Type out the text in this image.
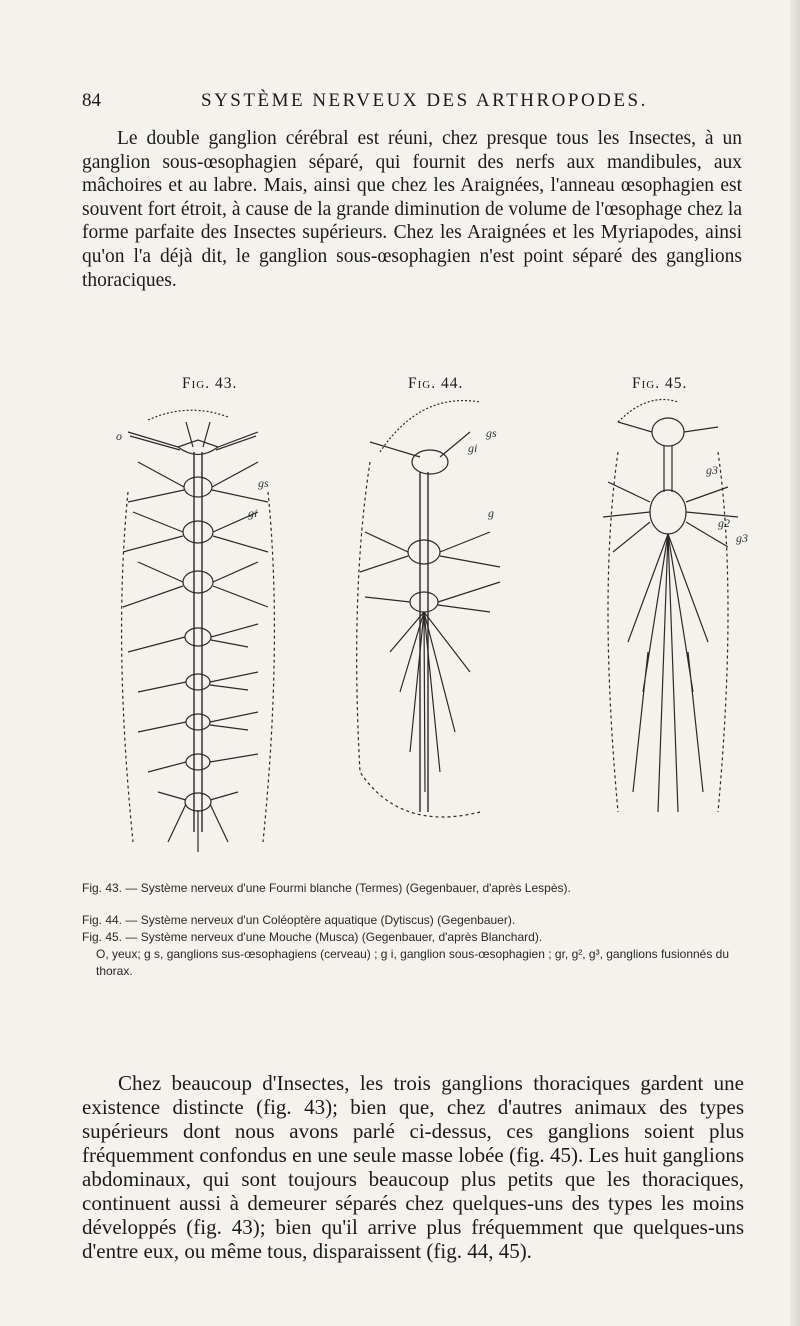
84	SYSTÈME NERVEUX DES ARTHROPODES.

Le double ganglion cérébral est réuni, chez presque tous les Insectes, à un ganglion sous-œsophagien séparé, qui fournit des nerfs aux mandibules, aux mâchoires et au labre. Mais, ainsi que chez les Araignées, l'anneau œsophagien est souvent fort étroit, à cause de la grande diminution de volume de l'œsophage chez la forme parfaite des Insectes supérieurs. Chez les Araignées et les Myriapodes, ainsi qu'on l'a déjà dit, le ganglion sous-œsophagien n'est point séparé des ganglions thoraciques.

Fig. 43.	Fig. 44.	Fig. 45.
o
gs
gi
gs
gi
g
g3
g2
g3

Fig. 43. — Système nerveux d'une Fourmi blanche (Termes) (Gegenbauer, d'après Lespès).

Fig. 44. — Système nerveux d'un Coléoptère aquatique (Dytiscus) (Gegenbauer).

Fig. 45. — Système nerveux d'une Mouche (Musca) (Gegenbauer, d'après Blanchard).

O, yeux; g s, ganglions sus-œsophagiens (cerveau) ; g i, ganglion sous-œsophagien ; gr, g², g³, ganglions fusionnés du thorax.

Chez beaucoup d'Insectes, les trois ganglions thoraciques gardent une existence distincte (fig. 43); bien que, chez d'autres animaux des types supérieurs dont nous avons parlé ci-dessus, ces ganglions soient plus fréquemment confondus en une seule masse lobée (fig. 45). Les huit ganglions abdominaux, qui sont toujours beaucoup plus petits que les thoraciques, continuent aussi à demeurer séparés chez quelques-uns des types les moins développés (fig. 43); bien qu'il arrive plus fréquemment que quelques-uns d'entre eux, ou même tous, disparaissent (fig. 44, 45).
